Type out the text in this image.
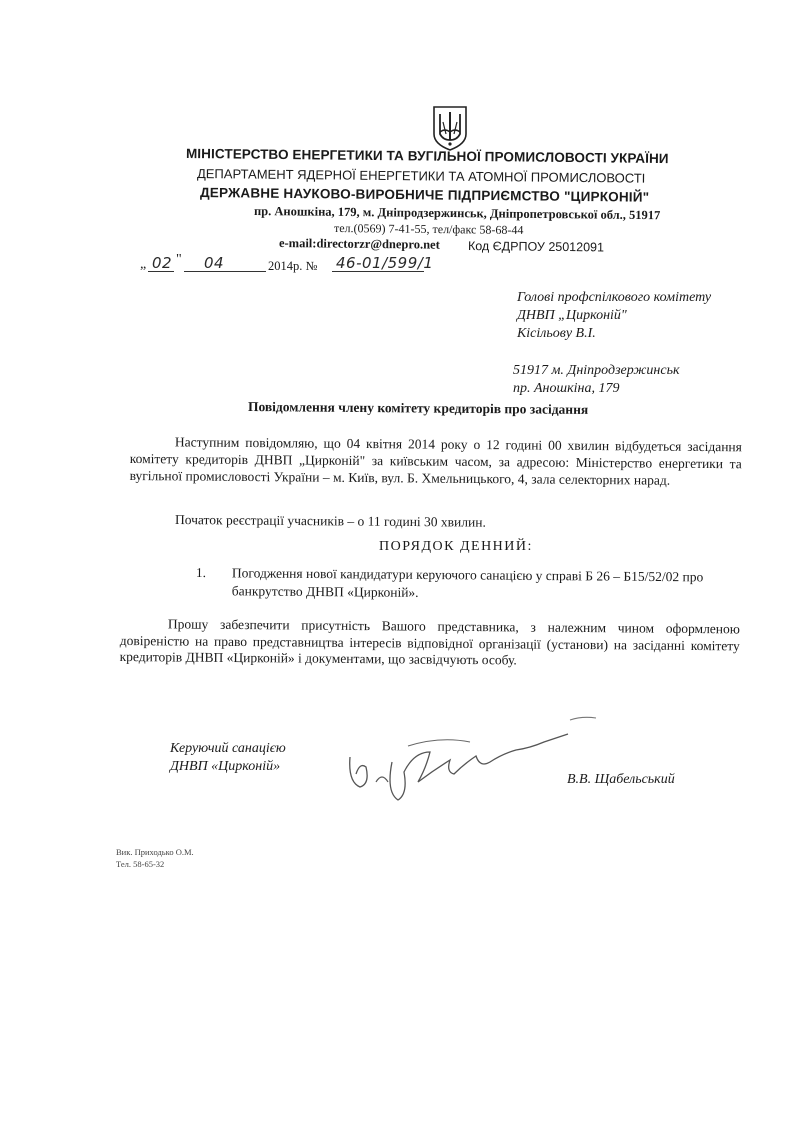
МІНІСТЕРСТВО ЕНЕРГЕТИКИ ТА ВУГІЛЬНОЇ ПРОМИСЛОВОСТІ УКРАЇНИ
ДЕПАРТАМЕНТ ЯДЕРНОЇ ЕНЕРГЕТИКИ ТА АТОМНОЇ ПРОМИСЛОВОСТІ
ДЕРЖАВНЕ НАУКОВО-ВИРОБНИЧЕ ПІДПРИЄМСТВО "ЦИРКОНІЙ"
пр. Аношкіна, 179, м. Дніпродзержинськ, Дніпропетровської обл., 51917
тел.(0569) 7-41-55, тел/факс 58-68-44
e-mail:directorzr@dnepro.net Код ЄДРПОУ 25012091
„ 02 " 04	2014р. № 46-01/599/1
Голові профспілкового комітету
ДНВП „Цирконій"
Кісільову В.І.
51917 м. Дніпродзержинськ
пр. Аношкіна, 179
Повідомлення члену комітету кредиторів про засідання
Наступним повідомляю, що 04 квітня 2014 року о 12 годині 00 хвилин відбудеться засідання комітету кредиторів ДНВП „Цирконій" за київським часом, за адресою: Міністерство енергетики та вугільної промисловості України – м. Київ, вул. Б. Хмельницького, 4, зала селекторних нарад.
Початок реєстрації учасників – о 11 годині 30 хвилин.
ПОРЯДОК ДЕННИЙ:
1. Погодження нової кандидатури керуючого санацією у справі Б 26 – Б15/52/02 про банкрутство ДНВП «Цирконій».
Прошу забезпечити присутність Вашого представника, з належним чином оформленою довіреністю на право представництва інтересів відповідної організації (установи) на засіданні комітету кредиторів ДНВП «Цирконій» і документами, що засвідчують особу.
Керуючий санацією
ДНВП «Цирконій»
В.В. Щабельський
Вик. Приходько О.М.
Тел. 58-65-32
